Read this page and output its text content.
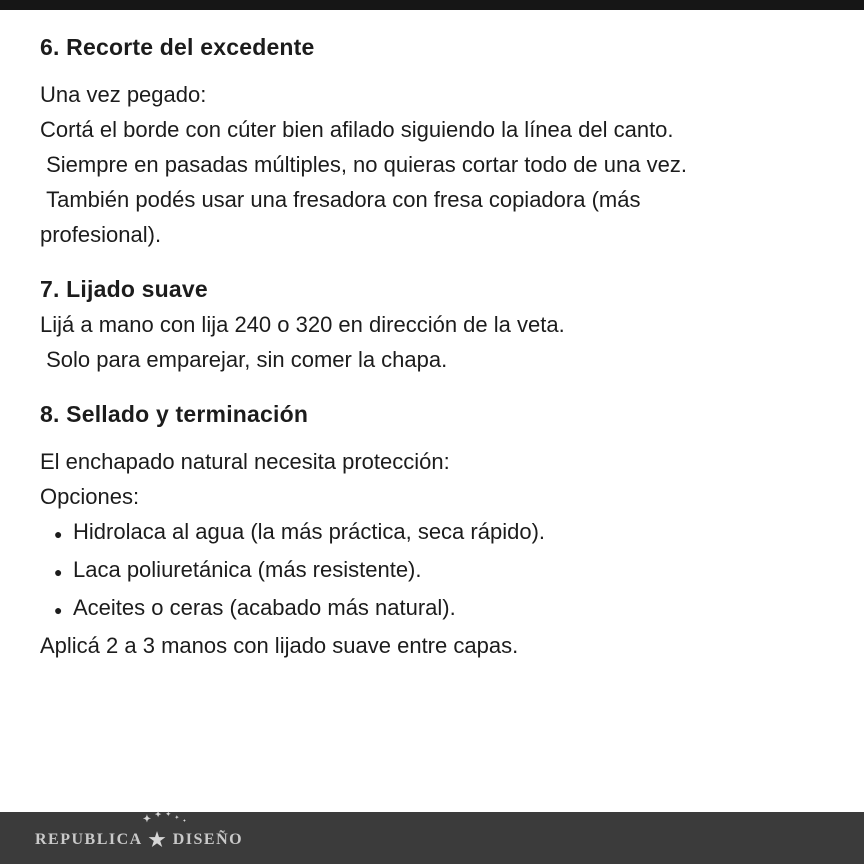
6. Recorte del excedente
Una vez pegado:
Cortá el borde con cúter bien afilado siguiendo la línea del canto.
Siempre en pasadas múltiples, no quieras cortar todo de una vez.
También podés usar una fresadora con fresa copiadora (más
profesional).
7. Lijado suave
Lijá a mano con lija 240 o 320 en dirección de la veta.
Solo para emparejar, sin comer la chapa.
8. Sellado y terminación
El enchapado natural necesita protección:
Opciones:
● Hidrolaca al agua (la más práctica, seca rápido).
● Laca poliuretánica (más resistente).
● Aceites o ceras (acabado más natural).
Aplicá 2 a 3 manos con lijado suave entre capas.
REPUBLICA ★
✦ ✦ ✦
✦ ✦
DISEÑO
